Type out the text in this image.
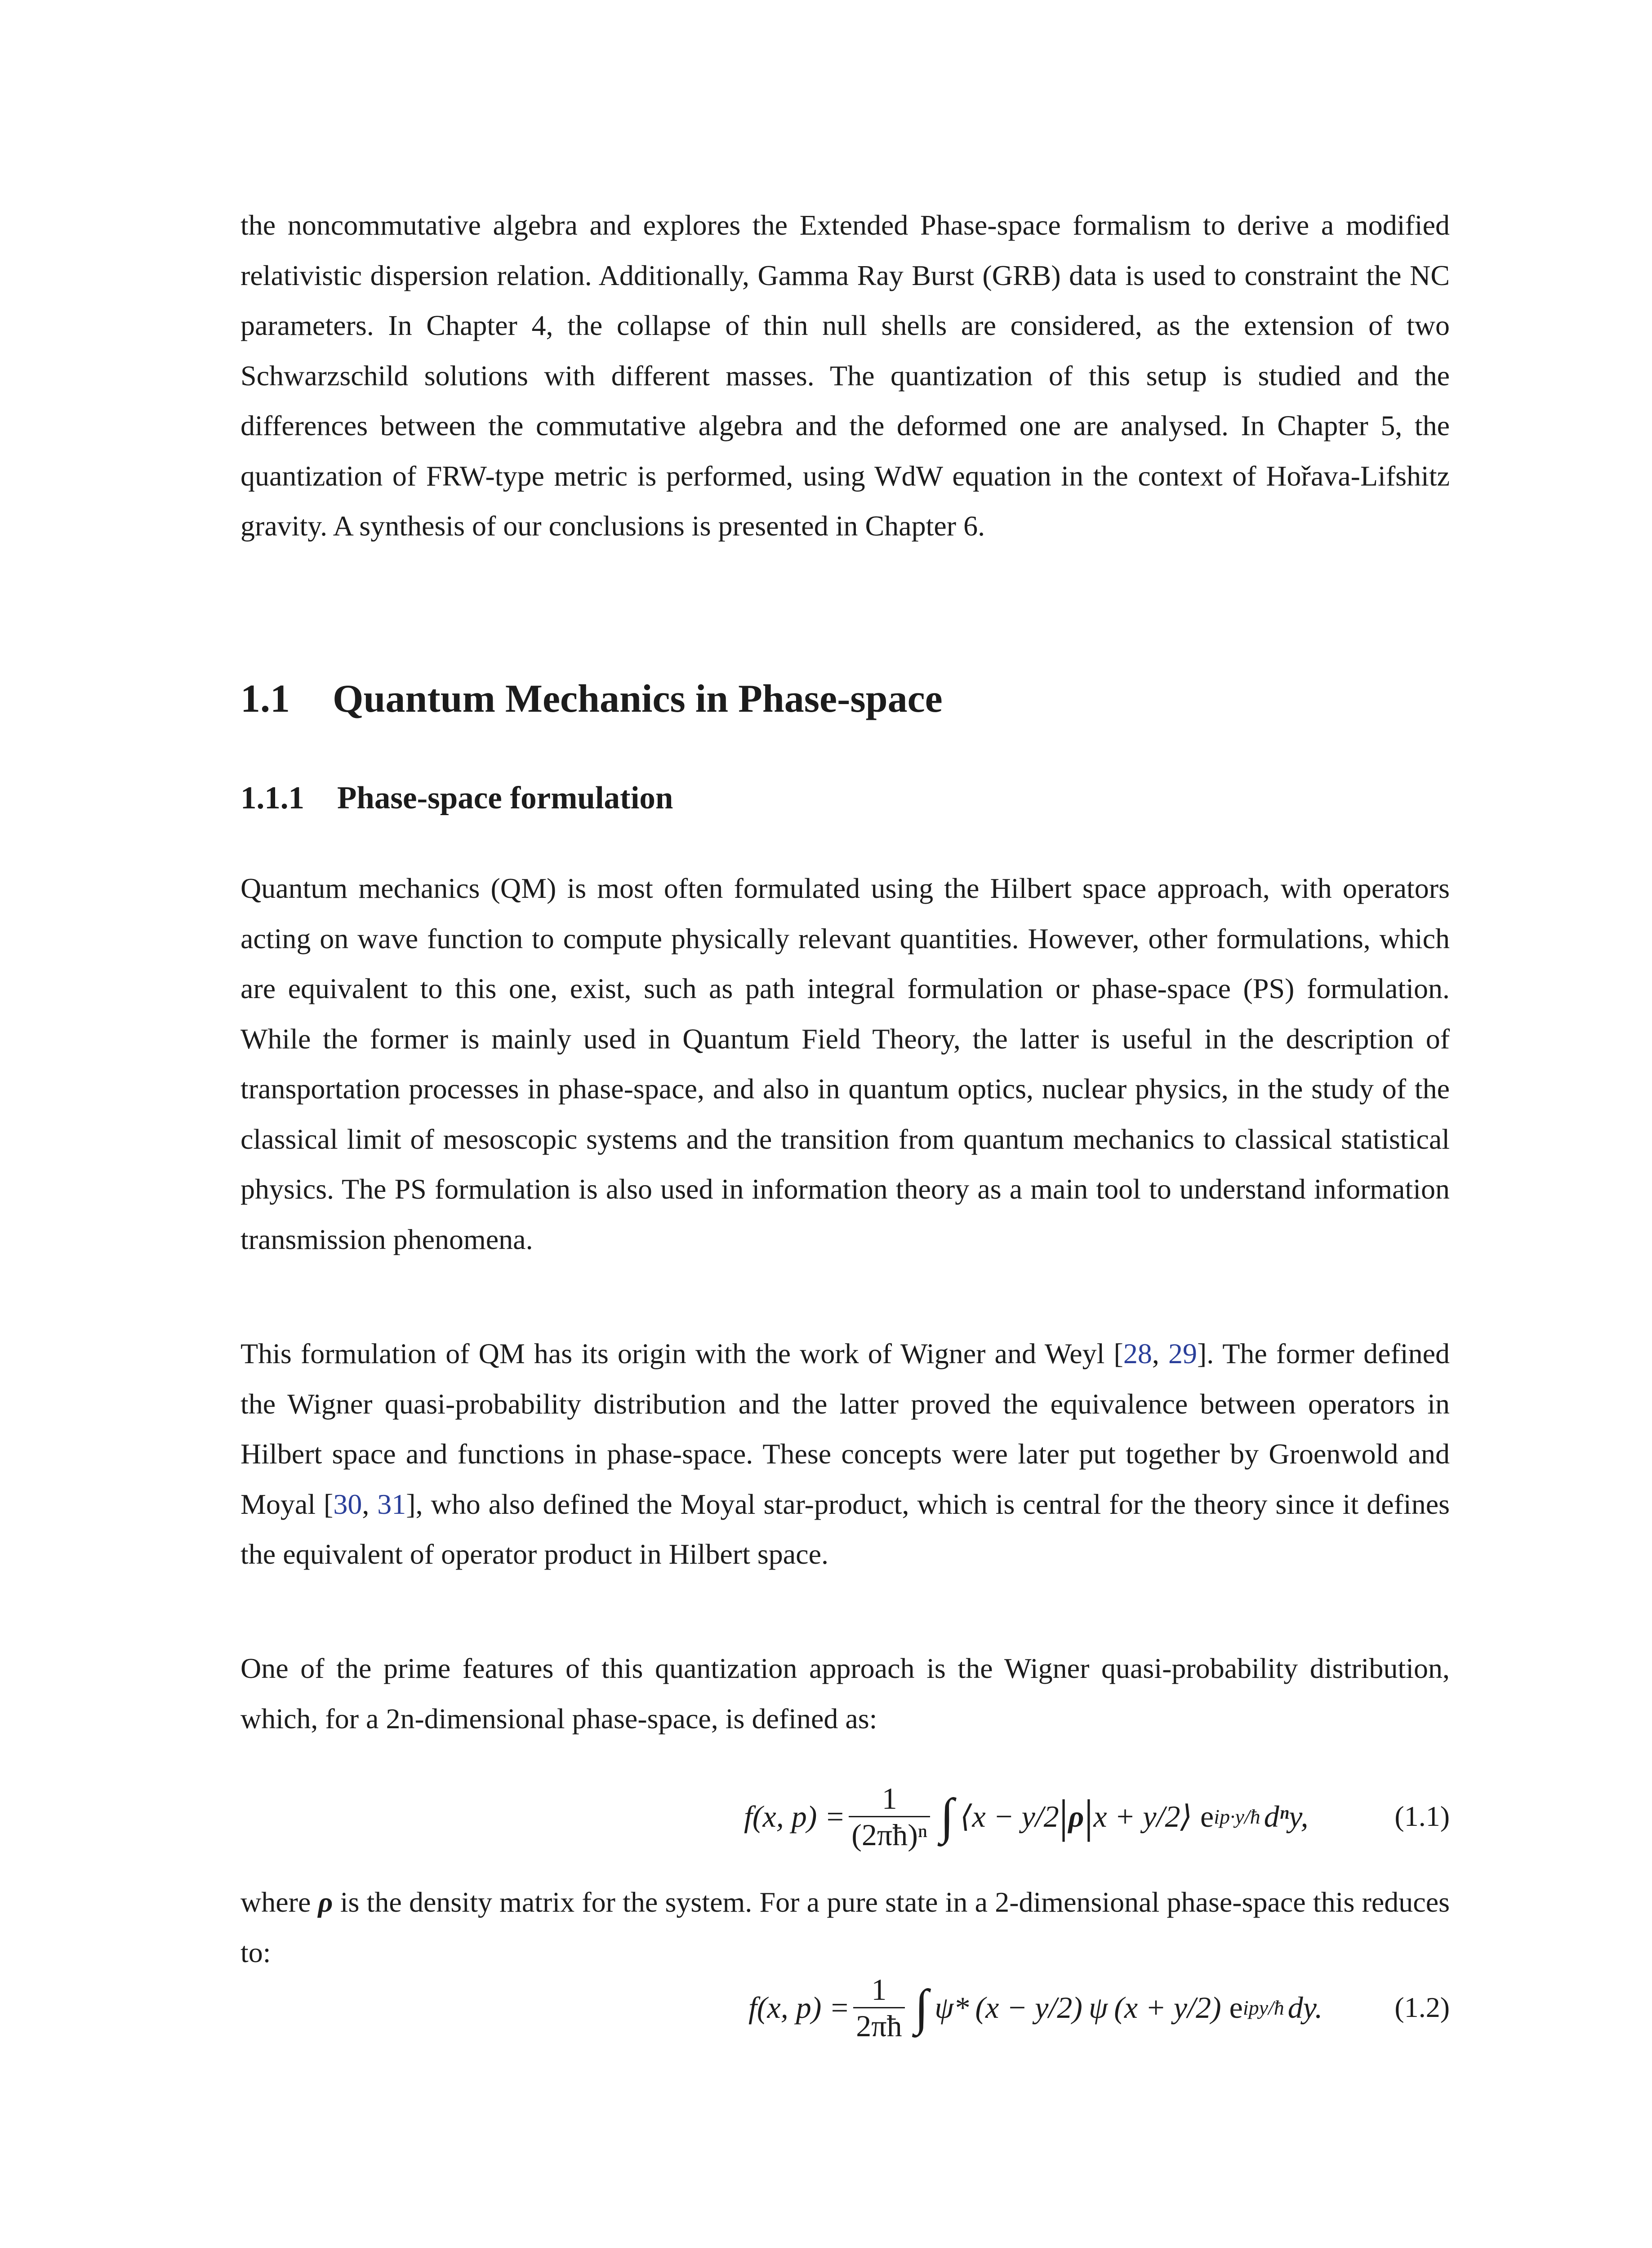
the noncommutative algebra and explores the Extended Phase-space formalism to derive a modified relativistic dispersion relation. Additionally, Gamma Ray Burst (GRB) data is used to constraint the NC parameters. In Chapter 4, the collapse of thin null shells are considered, as the extension of two Schwarzschild solutions with different masses. The quantization of this setup is studied and the differences between the commutative algebra and the deformed one are analysed. In Chapter 5, the quantization of FRW-type metric is performed, using WdW equation in the context of Hořava-Lifshitz gravity. A synthesis of our conclusions is presented in Chapter 6.

1.1 Quantum Mechanics in Phase-space
1.1.1 Phase-space formulation

Quantum mechanics (QM) is most often formulated using the Hilbert space approach, with operators acting on wave function to compute physically relevant quantities. However, other formulations, which are equivalent to this one, exist, such as path integral formulation or phase-space (PS) formulation. While the former is mainly used in Quantum Field Theory, the latter is useful in the description of transportation processes in phase-space, and also in quantum optics, nuclear physics, in the study of the classical limit of mesoscopic systems and the transition from quantum mechanics to classical statistical physics. The PS formulation is also used in information theory as a main tool to understand information transmission phenomena.

This formulation of QM has its origin with the work of Wigner and Weyl [28, 29]. The former defined the Wigner quasi-probability distribution and the latter proved the equivalence between operators in Hilbert space and functions in phase-space. These concepts were later put together by Groenwold and Moyal [30, 31], who also defined the Moyal star-product, which is central for the theory since it defines the equivalent of operator product in Hilbert space.

One of the prime features of this quantization approach is the Wigner quasi-probability distribution, which, for a 2n-dimensional phase-space, is defined as:

f(x, $p) = \frac{1}{\text{(2πħ)ⁿ}}$ ∫ ⟨x − y/2 | ρ | x + y/2⟩ e ip·y/ħ dⁿy,	(1.1)

where ρ is the density matrix for the system. For a pure state in a 2-dimensional phase-space this reduces to:

f(x, $p) = \frac{1}{2\pi ħ}$ ∫ ψ* (x − y/2) ψ (x + y/2) e ipy/ħ dy.	(1.2)
